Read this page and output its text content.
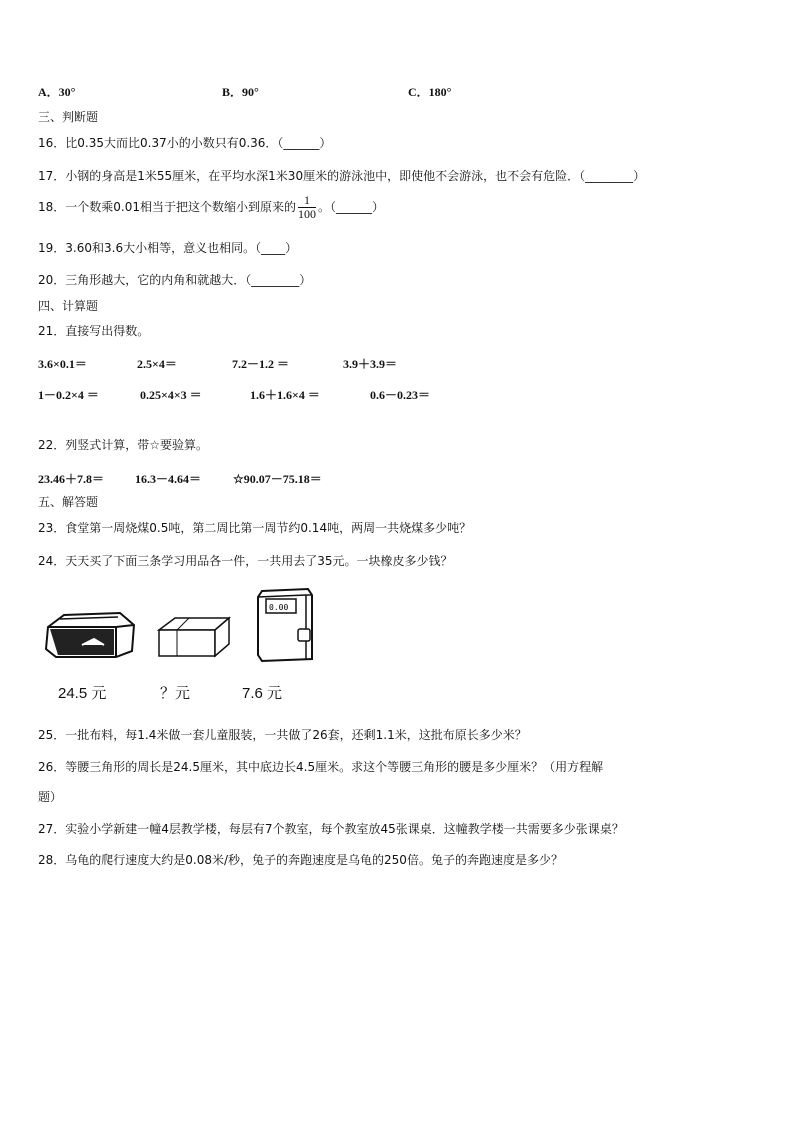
A．30°	B．90°	C．180°
三、判断题
16．比0.35大而比0.37小的小数只有0.36．（______）
17．小钢的身高是1米55厘米，在平均水深1米30厘米的游泳池中，即使他不会游泳，也不会有危险．（________）
18．一个数乘0.01相当于把这个数缩小到原来的 $\frac{1}{100}$ 。（______）
19．3.60和3.6大小相等，意义也相同。（____）
20．三角形越大，它的内角和就越大．（________）
四、计算题
21．直接写出得数。
3.6×0.1＝	2.5×4＝	7.2－1.2 ＝	3.9＋3.9＝
1－0.2×4 ＝	0.25×4×3 ＝	1.6＋1.6×4 ＝	0.6－0.23＝
22．列竖式计算，带☆要验算。
23.46＋7.8＝	16.3－4.64＝	☆90.07－75.18＝
五、解答题
23．食堂第一周烧煤0.5吨，第二周比第一周节约0.14吨，两周一共烧煤多少吨？
24．天天买了下面三条学习用品各一件，一共用去了35元。一块橡皮多少钱？
0.00
24.5 元	？元	7.6 元
25．一批布料，每1.4米做一套儿童服装，一共做了26套，还剩1.1米，这批布原长多少米？
26．等腰三角形的周长是24.5厘米，其中底边长4.5厘米。求这个等腰三角形的腰是多少厘米？（用方程解
题）
27．实验小学新建一幢4层教学楼，每层有7个教室，每个教室放45张课桌．这幢教学楼一共需要多少张课桌？
28．乌龟的爬行速度大约是0.08米/秒，兔子的奔跑速度是乌龟的250倍。兔子的奔跑速度是多少？
